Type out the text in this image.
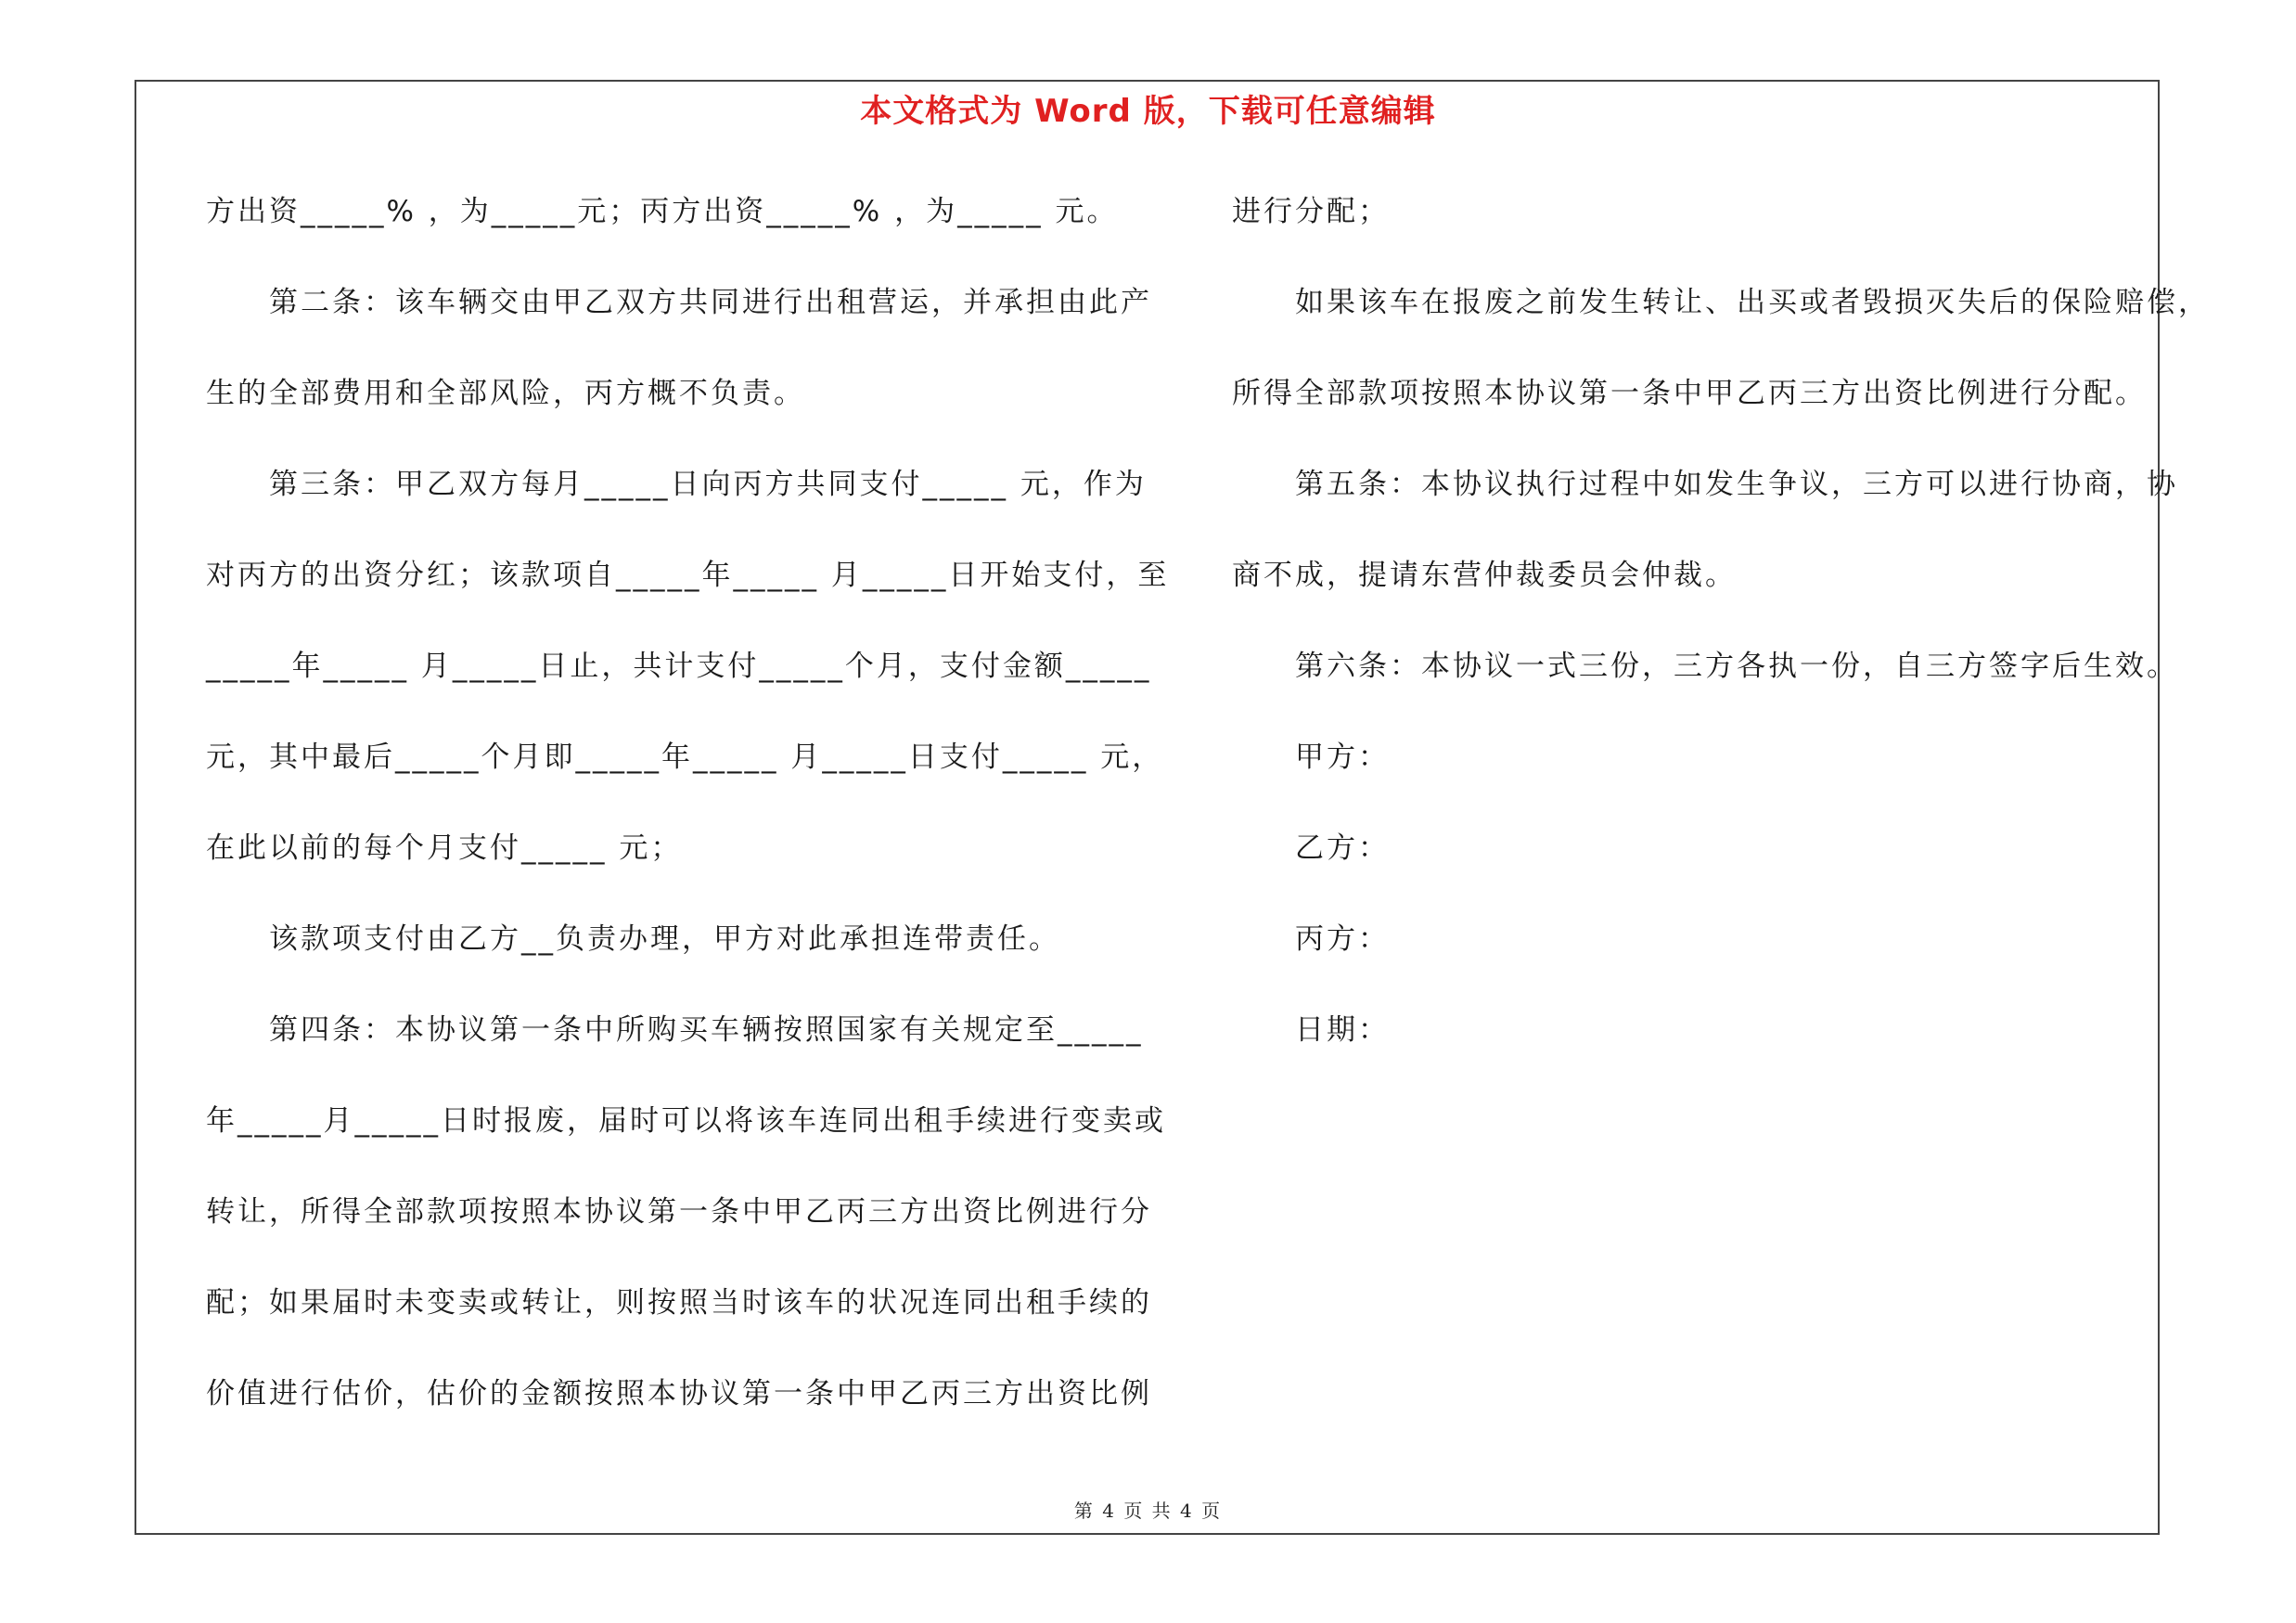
本文格式为 Word 版，下载可任意编辑
方出资_____% ，为_____元；丙方出资_____% ，为_____ 元。
第二条：该车辆交由甲乙双方共同进行出租营运，并承担由此产
生的全部费用和全部风险，丙方概不负责。
第三条：甲乙双方每月_____日向丙方共同支付_____ 元，作为
对丙方的出资分红；该款项自_____年_____ 月_____日开始支付，至
_____年_____ 月_____日止，共计支付_____个月，支付金额_____
元，其中最后_____个月即_____年_____ 月_____日支付_____ 元，
在此以前的每个月支付_____ 元；
该款项支付由乙方__负责办理，甲方对此承担连带责任。
第四条：本协议第一条中所购买车辆按照国家有关规定至_____
年_____月_____日时报废，届时可以将该车连同出租手续进行变卖或
转让，所得全部款项按照本协议第一条中甲乙丙三方出资比例进行分
配；如果届时未变卖或转让，则按照当时该车的状况连同出租手续的
价值进行估价，估价的金额按照本协议第一条中甲乙丙三方出资比例
进行分配；
如果该车在报废之前发生转让、出买或者毁损灭失后的保险赔偿，
所得全部款项按照本协议第一条中甲乙丙三方出资比例进行分配。
第五条：本协议执行过程中如发生争议，三方可以进行协商，协
商不成，提请东营仲裁委员会仲裁。
第六条：本协议一式三份，三方各执一份，自三方签字后生效。
甲方：
乙方：
丙方：
日期：
第 4 页 共 4 页
